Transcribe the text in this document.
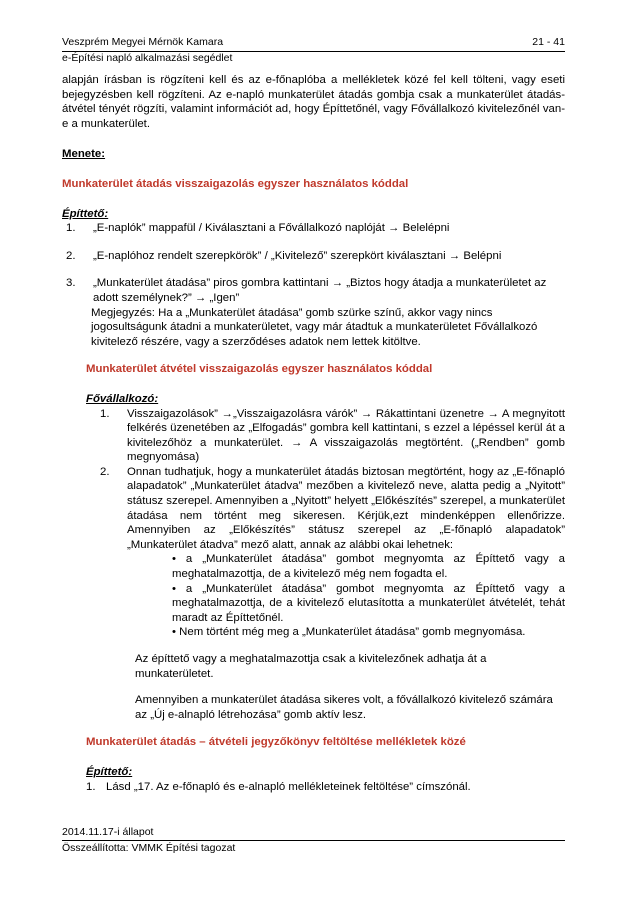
Veszprém Megyei Mérnök Kamara	21 - 41
e-Építési napló alkalmazási segédlet

alapján írásban is rögzíteni kell és az e-főnaplóba a mellékletek közé fel kell tölteni, vagy eseti bejegyzésben kell rögzíteni. Az e-napló munkaterület átadás gombja csak a munkaterület átadás-átvétel tényét rögzíti, valamint információt ad, hogy Építtetőnél, vagy Fővállalkozó kivitelezőnél van-e a munkaterület.

Menete:

Munkaterület átadás visszaigazolás egyszer használatos kóddal

Építtető:

1.	„E-naplók” mappafül / Kiválasztani a Fővállalkozó naplóját → Belelépni
2.	„E-naplóhoz rendelt szerepkörök” / „Kivitelező” szerepkört kiválasztani → Belépni
3.	„Munkaterület átadása” piros gombra kattintani → „Biztos hogy átadja a munkaterületet az adott személynek?” → „Igen”

Megjegyzés: Ha a „Munkaterület átadása” gomb szürke színű, akkor vagy nincs jogosultságunk átadni a munkaterületet, vagy már átadtuk a munkaterületet Fővállalkozó kivitelező részére, vagy a szerződéses adatok nem lettek kitöltve.

Munkaterület átvétel visszaigazolás egyszer használatos kóddal

Fővállalkozó:

1.	Visszaigazolások” →„Visszaigazolásra várók” → Rákattintani üzenetre → A megnyitott felkérés üzenetében az „Elfogadás” gombra kell kattintani, s ezzel a lépéssel kerül át a kivitelezőhöz a munkaterület. → A visszaigazolás megtörtént. („Rendben” gomb megnyomása)
2.	Onnan tudhatjuk, hogy a munkaterület átadás biztosan megtörtént, hogy az „E-főnapló alapadatok” „Munkaterület átadva” mezőben a kivitelező neve, alatta pedig a „Nyitott” státusz szerepel. Amennyiben a „Nyitott” helyett „Előkészítés” szerepel, a munkaterület átadása nem történt meg sikeresen. Kérjük,ezt mindenképpen ellenőrizze. Amennyiben az „Előkészítés” státusz szerepel az „E-főnapló alapadatok” „Munkaterület átadva” mező alatt, annak az alábbi okai lehetnek:

• a „Munkaterület átadása” gombot megnyomta az Építtető vagy a meghatalmazottja, de a kivitelező még nem fogadta el.

• a „Munkaterület átadása” gombot megnyomta az Építtető vagy a meghatalmazottja, de a kivitelező elutasította a munkaterület átvételét, tehát maradt az Építtetőnél.

• Nem történt még meg a „Munkaterület átadása” gomb megnyomása.

Az építtető vagy a meghatalmazottja csak a kivitelezőnek adhatja át a munkaterületet.

Amennyiben a munkaterület átadása sikeres volt, a fővállalkozó kivitelező számára az „Új e-alnapló létrehozása” gomb aktív lesz.

Munkaterület átadás – átvételi jegyzőkönyv feltöltése mellékletek közé

Építtető:

1. Lásd „17. Az e-főnapló és e-alnapló mellékleteinek feltöltése” címszónál.
2014.11.17-i állapot
Összeállította: VMMK Építési tagozat
